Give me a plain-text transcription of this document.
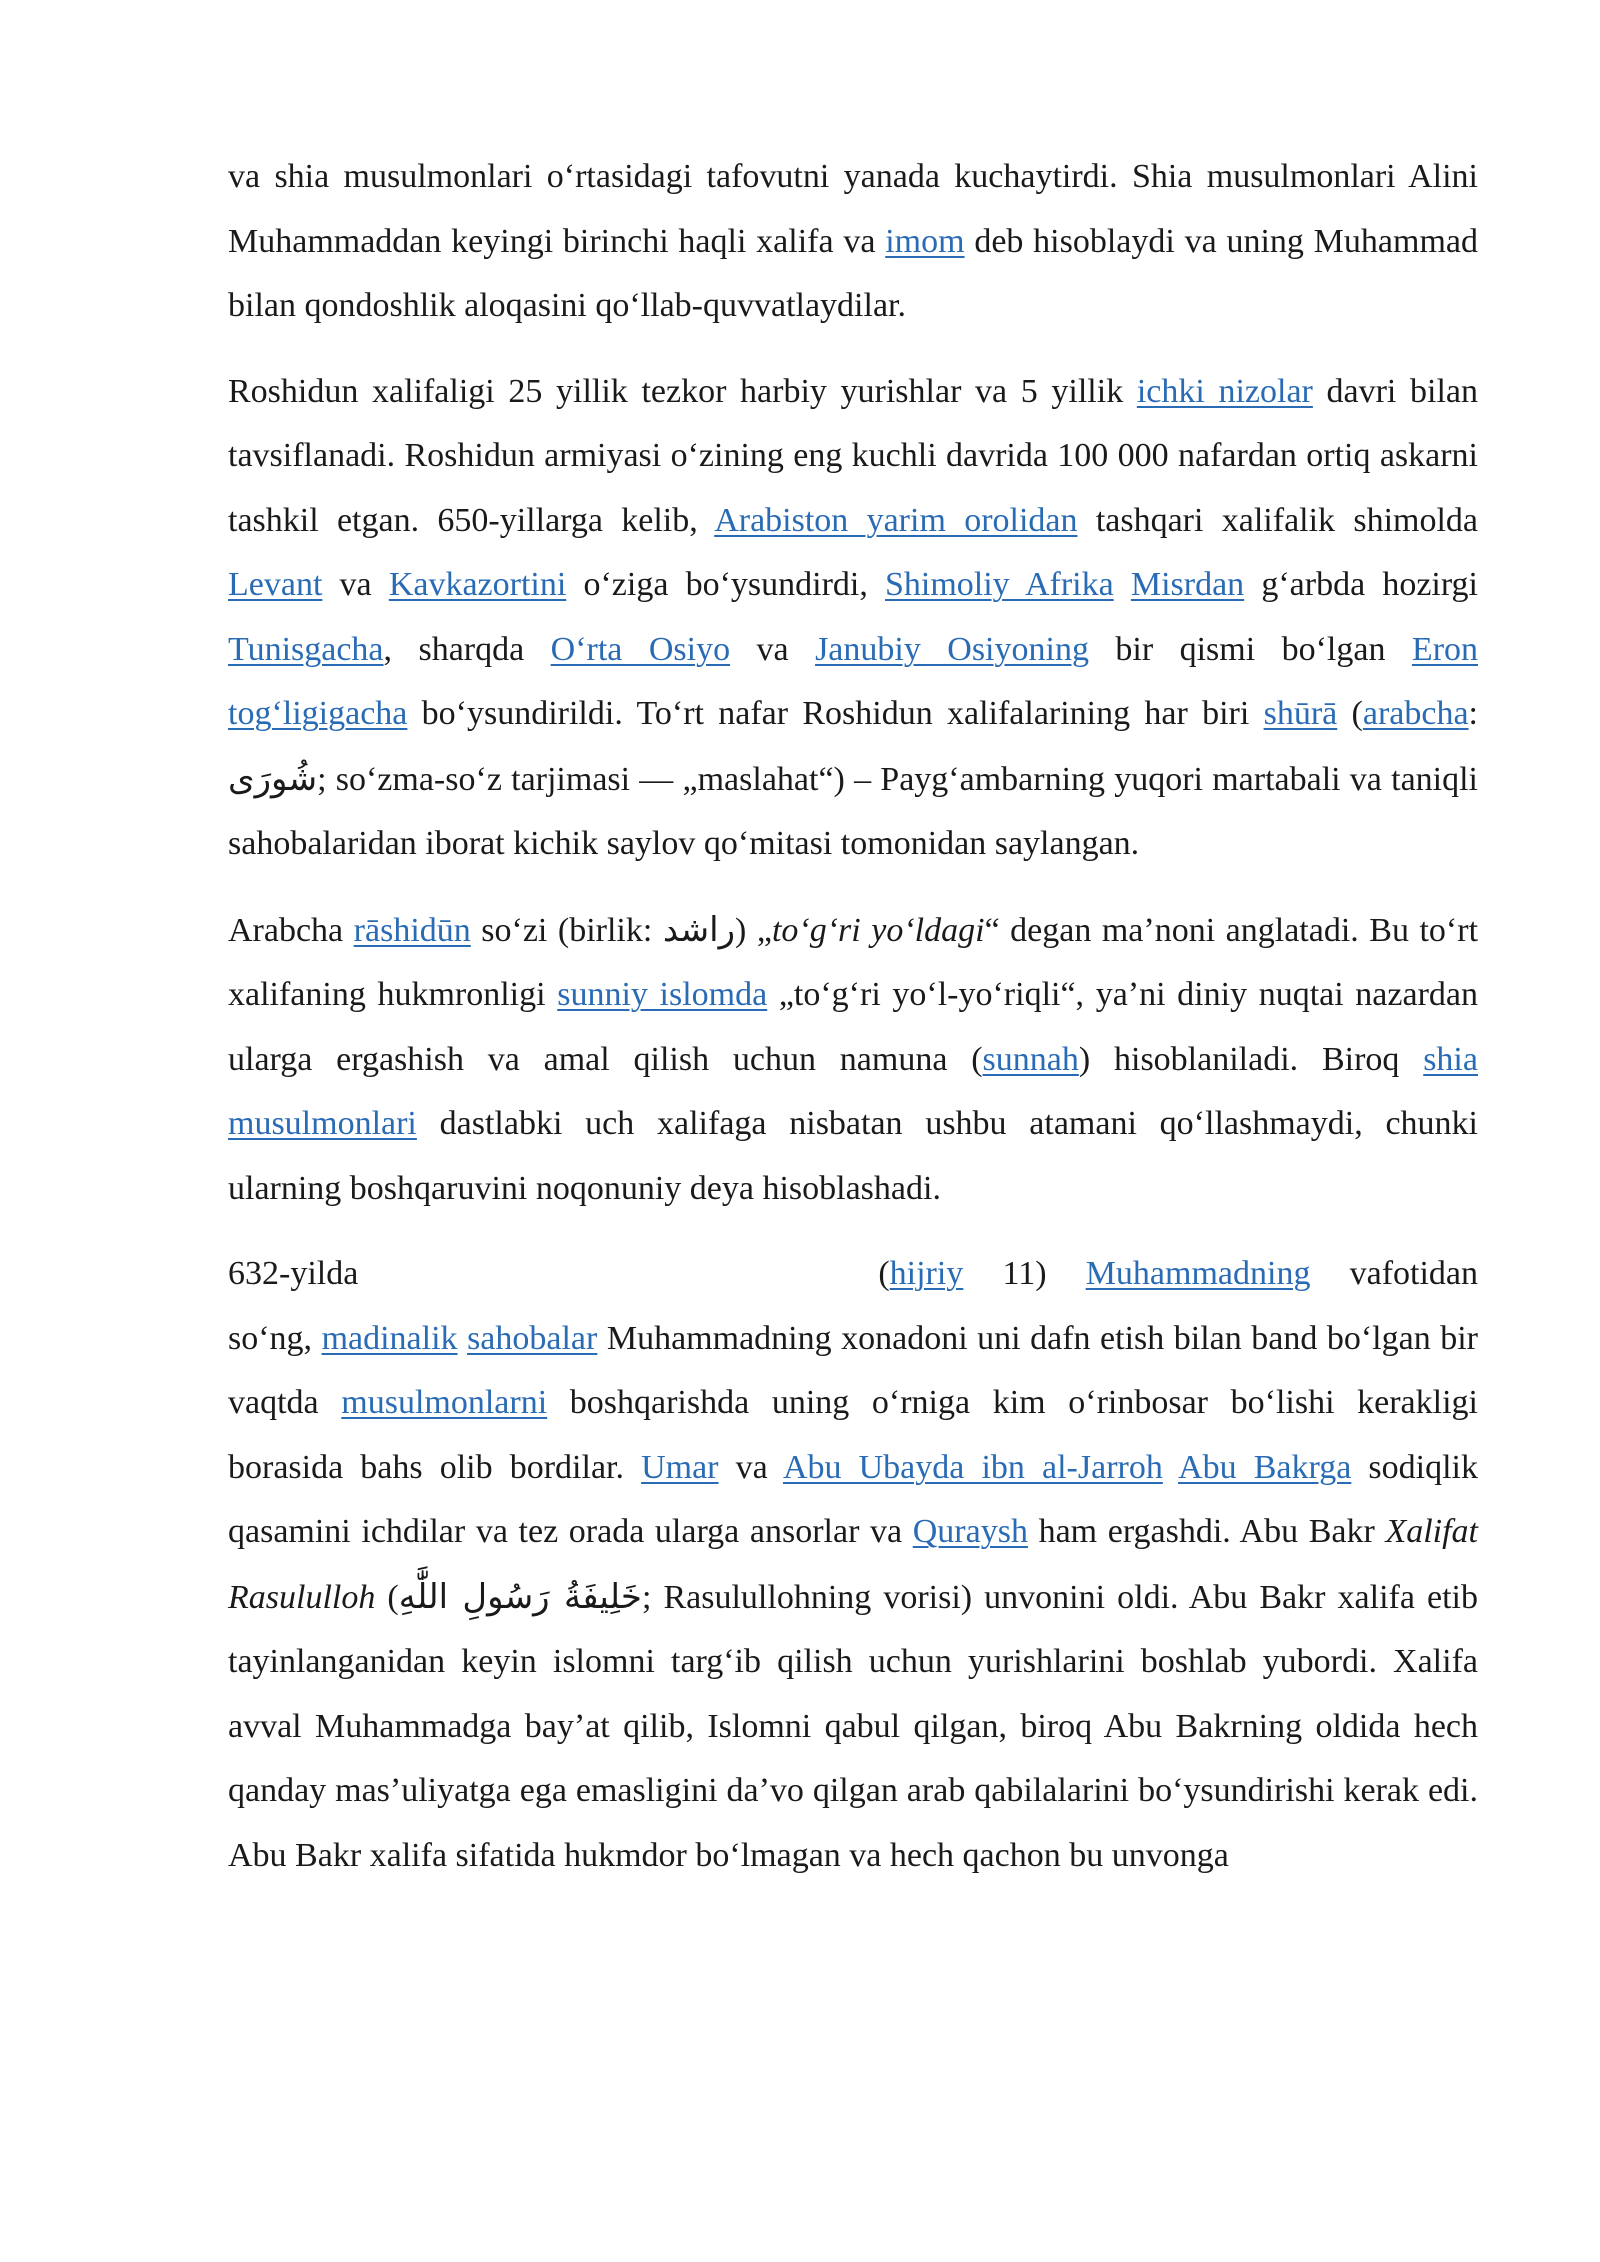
va shia musulmonlari oʻrtasidagi tafovutni yanada kuchaytirdi. Shia musulmonlari Alini Muhammaddan keyingi birinchi haqli xalifa va imom deb hisoblaydi va uning Muhammad bilan qondoshlik aloqasini qoʻllab-quvvatlaydilar.

Roshidun xalifaligi 25 yillik tezkor harbiy yurishlar va 5 yillik ichki nizolar davri bilan tavsiflanadi. Roshidun armiyasi oʻzining eng kuchli davrida 100 000 nafardan ortiq askarni tashkil etgan. 650-yillarga kelib, Arabiston yarim orolidan tashqari xalifalik shimolda Levant va Kavkazortini oʻziga boʻysundirdi, Shimoliy Afrika Misrdan gʻarbda hozirgi Tunisgacha, sharqda Oʻrta Osiyo va Janubiy Osiyoning bir qismi boʻlgan Eron togʻligigacha boʻysundirildi. Toʻrt nafar Roshidun xalifalarining har biri shūrā (arabcha: شُورَى; soʻzma-soʻz tarjimasi — „maslahat“) – Paygʻambarning yuqori martabali va taniqli sahobalaridan iborat kichik saylov qoʻmitasi tomonidan saylangan.

Arabcha rāshidūn soʻzi (birlik: راشد) „toʻgʻri yoʻldagi“ degan maʼnoni anglatadi. Bu toʻrt xalifaning hukmronligi sunniy islomda „toʻgʻri yoʻl-yoʻriqli“, yaʼni diniy nuqtai nazardan ularga ergashish va amal qilish uchun namuna (sunnah) hisoblaniladi. Biroq shia musulmonlari dastlabki uch xalifaga nisbatan ushbu atamani qoʻllashmaydi, chunki ularning boshqaruvini noqonuniy deya hisoblashadi.

632-yilda	(hijriy 11) Muhammadning vafotidan soʻng, madinalik sahobalar Muhammadning xonadoni uni dafn etish bilan band boʻlgan bir vaqtda musulmonlarni boshqarishda uning oʻrniga kim oʻrinbosar boʻlishi kerakligi borasida bahs olib bordilar. Umar va Abu Ubayda ibn al-Jarroh Abu Bakrga sodiqlik qasamini ichdilar va tez orada ularga ansorlar va Quraysh ham ergashdi. Abu Bakr Xalifat Rasululloh (خَلِيفَةُ رَسُولِ اللَّٰهِ; Rasulullohning vorisi) unvonini oldi. Abu Bakr xalifa etib tayinlanganidan keyin islomni targʻib qilish uchun yurishlarini boshlab yubordi. Xalifa avval Muhammadga bayʼat qilib, Islomni qabul qilgan, biroq Abu Bakrning oldida hech qanday masʼuliyatga ega emasligini daʼvo qilgan arab qabilalarini boʻysundirishi kerak edi. Abu Bakr xalifa sifatida hukmdor boʻlmagan va hech qachon bu unvonga
